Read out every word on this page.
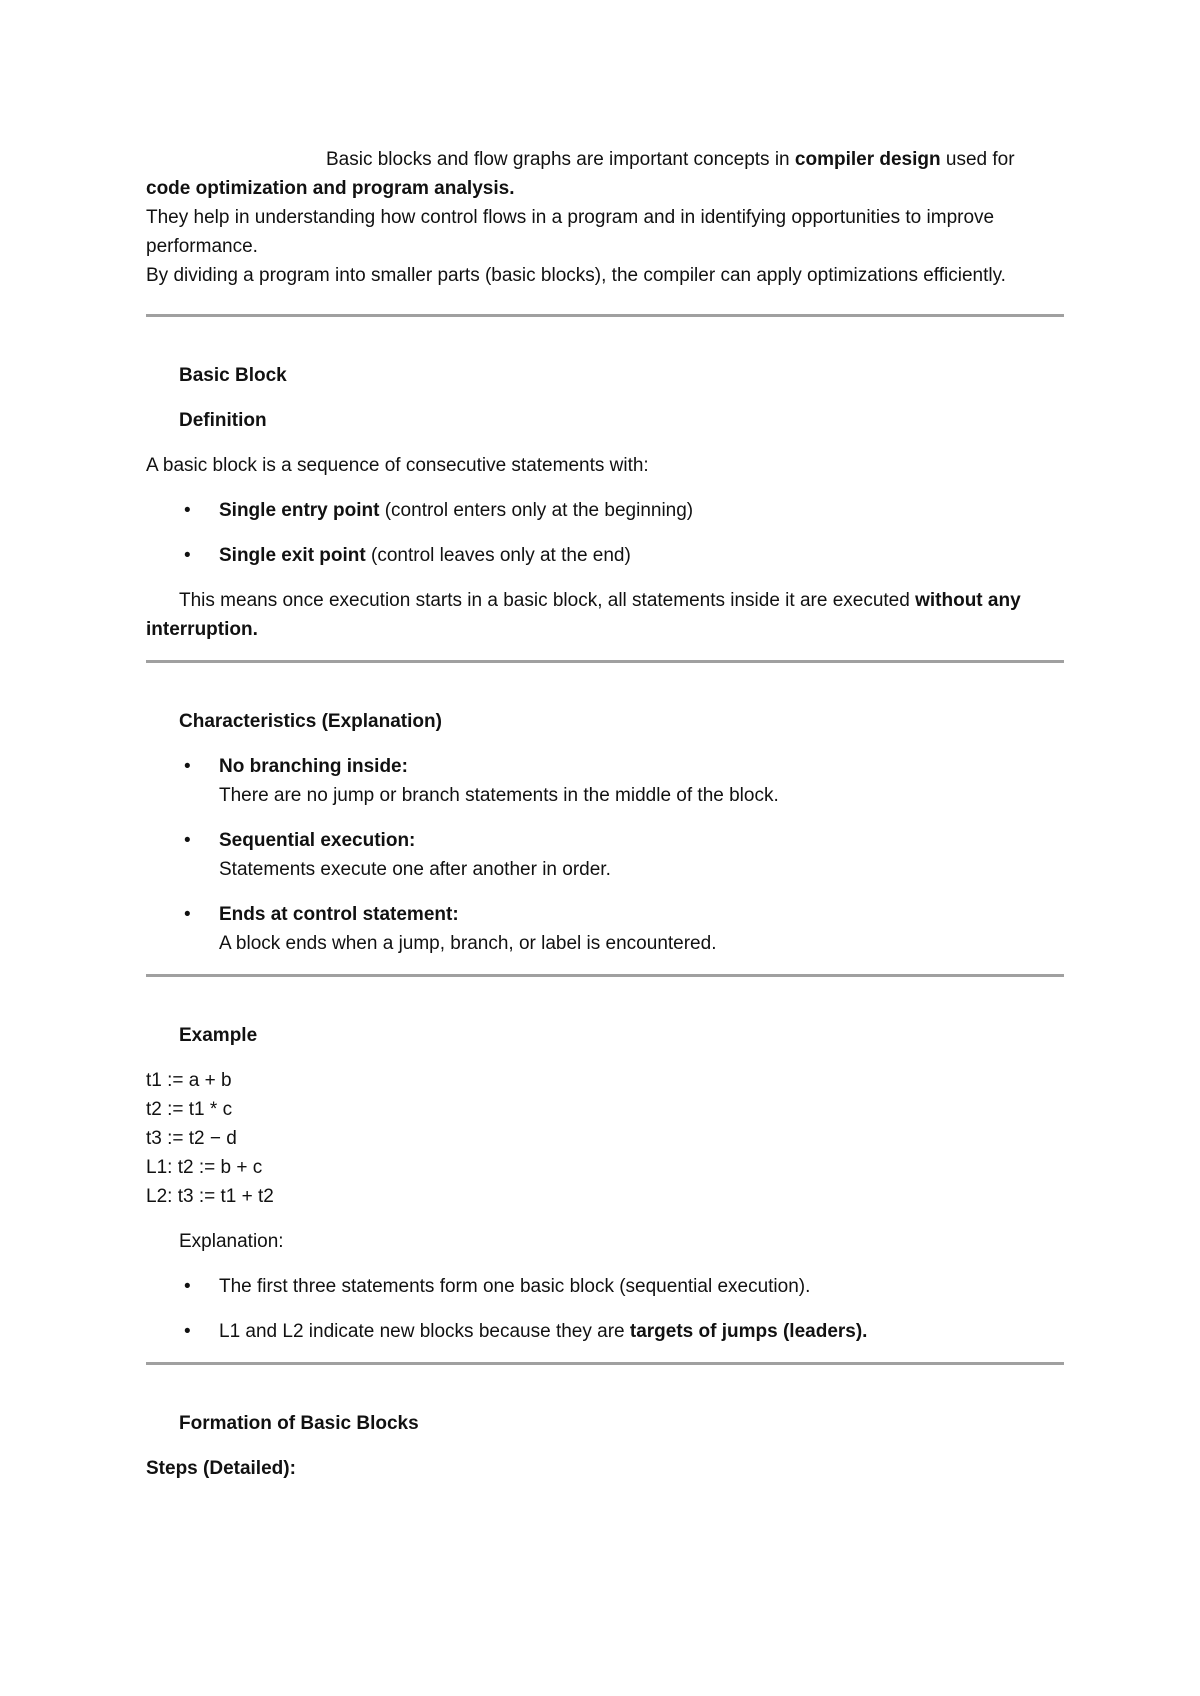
Basic blocks and flow graphs are important concepts in compiler design used for

code optimization and program analysis.

They help in understanding how control flows in a program and in identifying opportunities to improve performance.

By dividing a program into smaller parts (basic blocks), the compiler can apply optimizations efficiently.

Basic Block

Definition

A basic block is a sequence of consecutive statements with:

• Single entry point (control enters only at the beginning)
• Single exit point (control leaves only at the end)

This means once execution starts in a basic block, all statements inside it are executed without any interruption.

Characteristics (Explanation)

• No branching inside:
There are no jump or branch statements in the middle of the block.
• Sequential execution:
Statements execute one after another in order.
• Ends at control statement:
A block ends when a jump, branch, or label is encountered.

Example

t1 := a + b

t2 := t1 * c

t3 := t2 − d

L1: t2 := b + c

L2: t3 := t1 + t2

Explanation:

• The first three statements form one basic block (sequential execution).
• L1 and L2 indicate new blocks because they are targets of jumps (leaders).

Formation of Basic Blocks

Steps (Detailed):
